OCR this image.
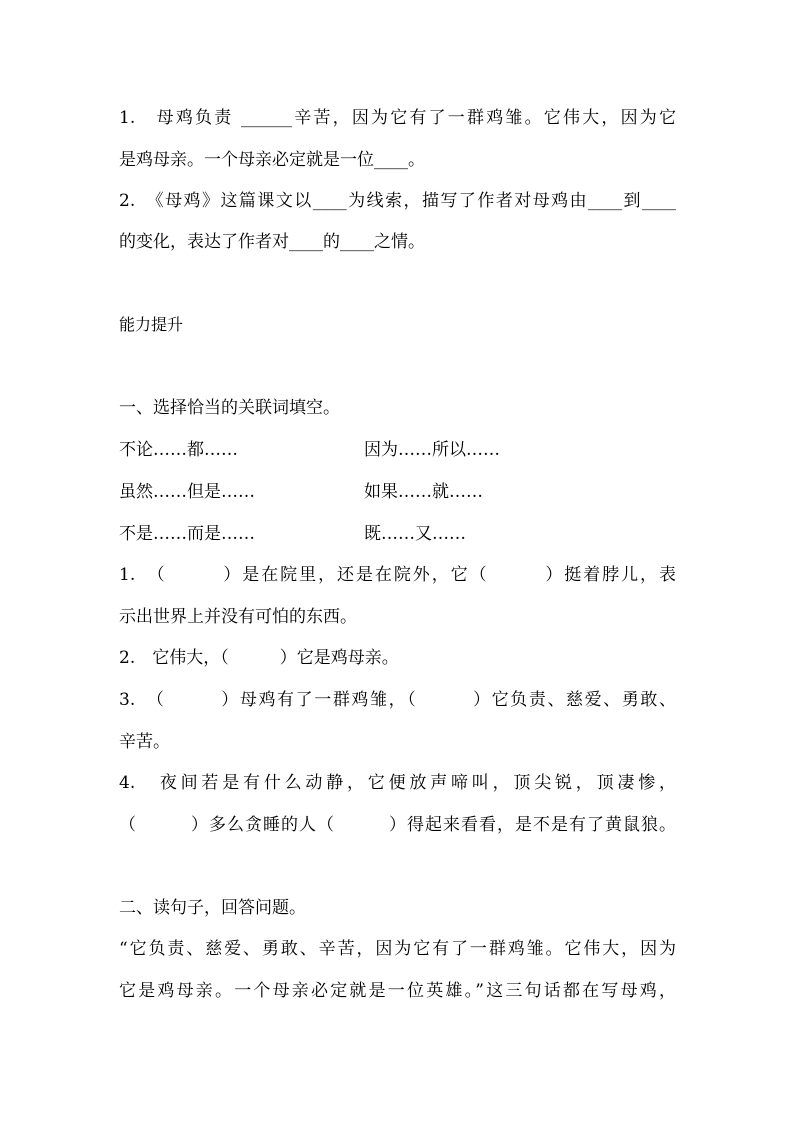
1.　母鸡负责 ______辛苦，因为它有了一群鸡雏。它伟大，因为它
是鸡母亲。一个母亲必定就是一位____。
2.　《母鸡》这篇课文以____为线索，描写了作者对母鸡由____到____
的变化，表达了作者对____的____之情。
能力提升
一、选择恰当的关联词填空。
不论……都……	因为……所以……
虽然……但是……	如果……就……
不是……而是……	既……又……
1.　（　　　）是在院里，还是在院外，它（　　　）挺着脖儿，表
示出世界上并没有可怕的东西。
2.　它伟大，（　　　）它是鸡母亲。
3.　（　　　）母鸡有了一群鸡雏，（　　　）它负责、慈爱、勇敢、
辛苦。
4.　夜间若是有什么动静，它便放声啼叫，顶尖锐，顶凄惨，
（　　　）多么贪睡的人（　　　）得起来看看，是不是有了黄鼠狼。
二、读句子，回答问题。
“它负责、慈爱、勇敢、辛苦，因为它有了一群鸡雏。它伟大，因为
它是鸡母亲。一个母亲必定就是一位英雄。”这三句话都在写母鸡，
